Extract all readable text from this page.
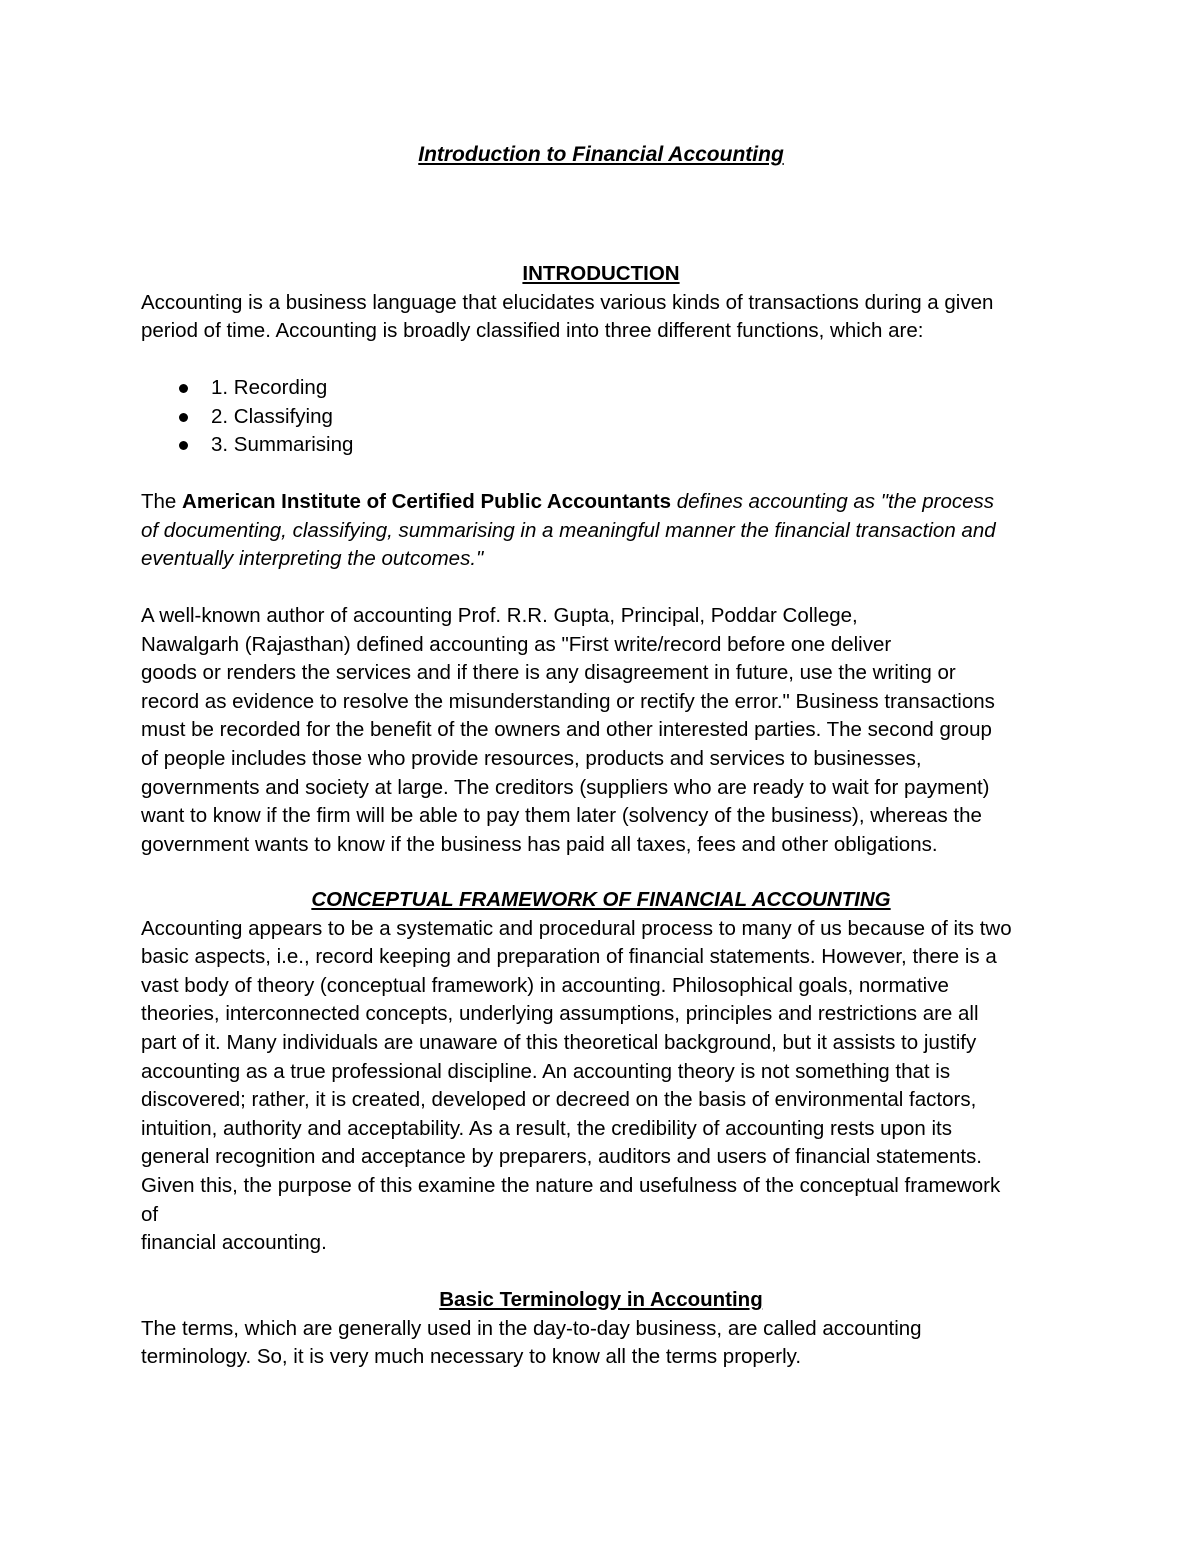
Introduction to Financial Accounting

INTRODUCTION

Accounting is a business language that elucidates various kinds of transactions during a given
period of time. Accounting is broadly classified into three different functions, which are:

1. Recording
2. Classifying
3. Summarising

The American Institute of Certified Public Accountants defines accounting as "the process
of documenting, classifying, summarising in a meaningful manner the financial transaction and
eventually interpreting the outcomes."

A well-known author of accounting Prof. R.R. Gupta, Principal, Poddar College,
Nawalgarh (Rajasthan) defined accounting as "First write/record before one deliver
goods or renders the services and if there is any disagreement in future, use the writing or
record as evidence to resolve the misunderstanding or rectify the error." Business transactions
must be recorded for the benefit of the owners and other interested parties. The second group
of people includes those who provide resources, products and services to businesses,
governments and society at large. The creditors (suppliers who are ready to wait for payment)
want to know if the firm will be able to pay them later (solvency of the business), whereas the
government wants to know if the business has paid all taxes, fees and other obligations.

CONCEPTUAL FRAMEWORK OF FINANCIAL ACCOUNTING

Accounting appears to be a systematic and procedural process to many of us because of its two
basic aspects, i.e., record keeping and preparation of financial statements. However, there is a
vast body of theory (conceptual framework) in accounting. Philosophical goals, normative
theories, interconnected concepts, underlying assumptions, principles and restrictions are all
part of it. Many individuals are unaware of this theoretical background, but it assists to justify
accounting as a true professional discipline. An accounting theory is not something that is
discovered; rather, it is created, developed or decreed on the basis of environmental factors,
intuition, authority and acceptability. As a result, the credibility of accounting rests upon its
general recognition and acceptance by preparers, auditors and users of financial statements.
Given this, the purpose of this examine the nature and usefulness of the conceptual framework
of
financial accounting.

Basic Terminology in Accounting

The terms, which are generally used in the day-to-day business, are called accounting
terminology. So, it is very much necessary to know all the terms properly.
